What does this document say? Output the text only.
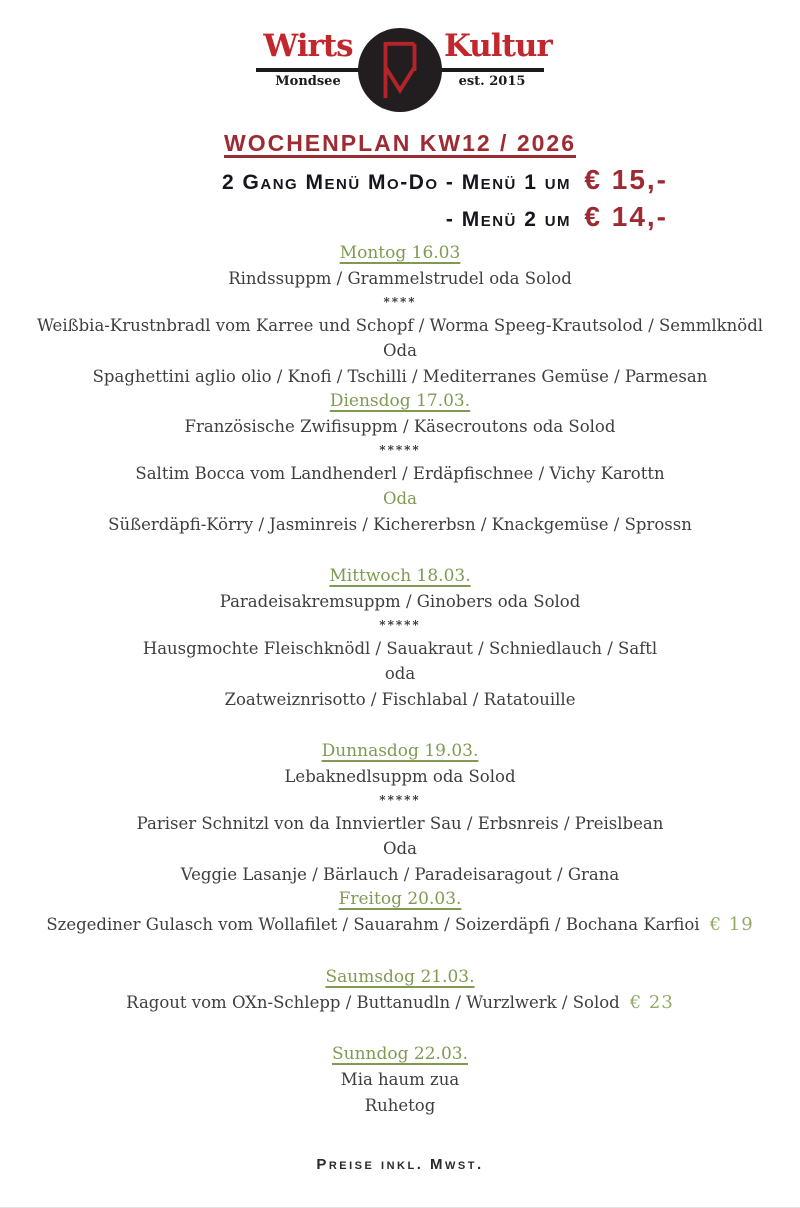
Wirts
Mondsee
Kultur
est. 2015
WOCHENPLAN KW12 / 2026
2 Gang Menü Mo-Do - Menü 1 um € 15,-
- Menü 2 um € 14,-
Montog 16.03

Rindssuppm / Grammelstrudel oda Solod

****

Weißbia-Krustnbradl vom Karree und Schopf / Worma Speeg-Krautsolod / Semmlknödl

Oda

Spaghettini aglio olio / Knofi / Tschilli / Mediterranes Gemüse / Parmesan

Diensdog 17.03.

Französische Zwifisuppm / Käsecroutons oda Solod

*****

Saltim Bocca vom Landhenderl / Erdäpfischnee / Vichy Karottn

Oda

Süßerdäpfi-Körry / Jasminreis / Kichererbsn / Knackgemüse / Sprossn

Mittwoch 18.03.

Paradeisakremsuppm / Ginobers oda Solod

*****

Hausgmochte Fleischknödl / Sauakraut / Schniedlauch / Saftl

oda

Zoatweiznrisotto / Fischlabal / Ratatouille

Dunnasdog 19.03.

Lebaknedlsuppm oda Solod

*****

Pariser Schnitzl von da Innviertler Sau / Erbsnreis / Preislbean

Oda

Veggie Lasanje / Bärlauch / Paradeisaragout / Grana

Freitog 20.03.

Szegediner Gulasch vom Wollafilet / Sauarahm / Soizerdäpfi / Bochana Karfioi € 19

Saumsdog 21.03.

Ragout vom OXn-Schlepp / Buttanudln / Wurzlwerk / Solod € 23

Sunndog 22.03.

Mia haum zua

Ruhetog

Preise inkl. Mwst.
